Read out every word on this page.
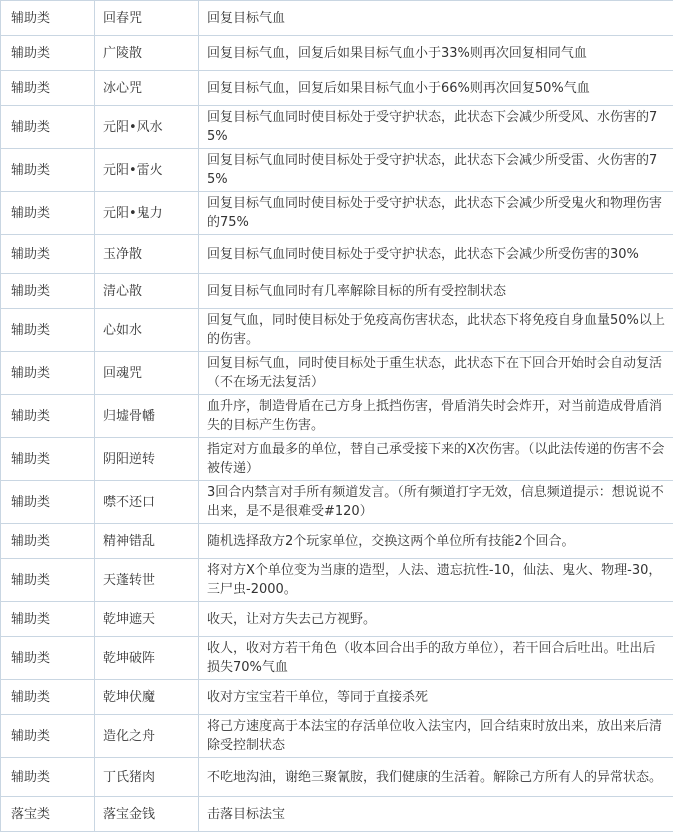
辅助类	回春咒	回复目标气血
辅助类	广陵散	回复目标气血，回复后如果目标气血小于33%则再次回复相同气血
辅助类	冰心咒	回复目标气血，回复后如果目标气血小于66%则再次回复50%气血
辅助类	元阳•风水	回复目标气血同时使目标处于受守护状态，此状态下会减少所受风、水伤害的75%
辅助类	元阳•雷火	回复目标气血同时使目标处于受守护状态，此状态下会减少所受雷、火伤害的75%
辅助类	元阳•鬼力	回复目标气血同时使目标处于受守护状态，此状态下会减少所受鬼火和物理伤害的75%
辅助类	玉净散	回复目标气血同时使目标处于受守护状态，此状态下会减少所受伤害的30%
辅助类	清心散	回复目标气血同时有几率解除目标的所有受控制状态
辅助类	心如水	回复气血，同时使目标处于免疫高伤害状态，此状态下将免疫自身血量50%以上的伤害。
辅助类	回魂咒	回复目标气血，同时使目标处于重生状态，此状态下在下回合开始时会自动复活（不在场无法复活）
辅助类	归墟骨幡	血升序，制造骨盾在己方身上抵挡伤害，骨盾消失时会炸开，对当前造成骨盾消失的目标产生伤害。
辅助类	阴阳逆转	指定对方血最多的单位，替自己承受接下来的X次伤害。（以此法传递的伤害不会被传递）
辅助类	噤不还口	3回合内禁言对手所有频道发言。（所有频道打字无效，信息频道提示：想说说不出来，是不是很难受#120）
辅助类	精神错乱	随机选择敌方2个玩家单位，交换这两个单位所有技能2个回合。
辅助类	天蓬转世	将对方X个单位变为当康的造型，人法、遗忘抗性-10，仙法、鬼火、物理-30，三尸虫-2000。
辅助类	乾坤遮天	收天，让对方失去己方视野。
辅助类	乾坤破阵	收人，收对方若干角色（收本回合出手的敌方单位），若干回合后吐出。吐出后损失70%气血
辅助类	乾坤伏魔	收对方宝宝若干单位，等同于直接杀死
辅助类	造化之舟	将己方速度高于本法宝的存活单位收入法宝内，回合结束时放出来，放出来后清除受控制状态
辅助类	丁氏猪肉	不吃地沟油，谢绝三聚氰胺，我们健康的生活着。解除己方所有人的异常状态。
落宝类	落宝金钱	击落目标法宝
